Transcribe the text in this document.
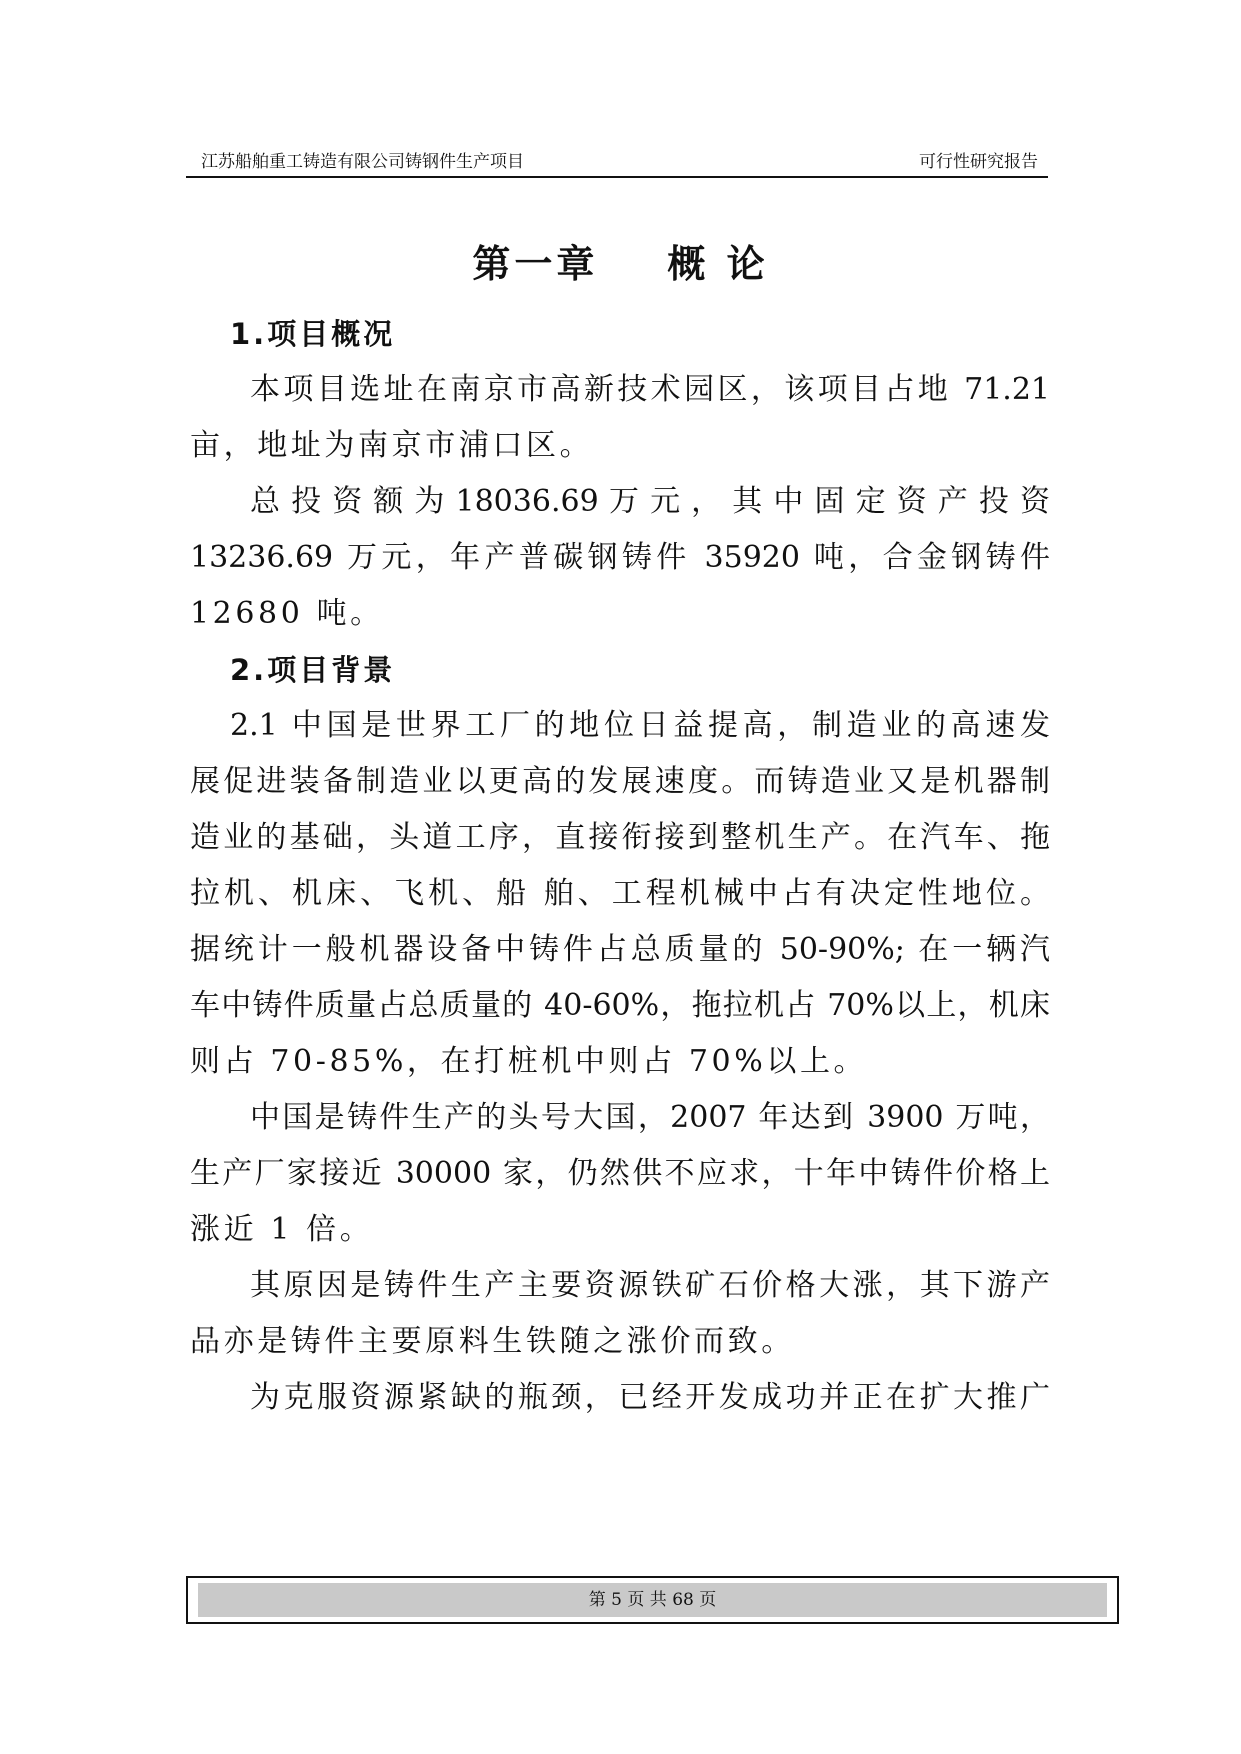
江苏船舶重工铸造有限公司铸钢件生产项目	可行性研究报告
第一章    概 论
1.项目概况
本项目选址在南京市高新技术园区，该项目占地 71.21
亩，地址为南京市浦口区。
总 投 资 额 为 18036.69 万 元 ， 其 中 固 定 资 产 投 资
13236.69 万元，年产普碳钢铸件 35920 吨，合金钢铸件
12680 吨。
2.项目背景
2.1 中国是世界工厂的地位日益提高，制造业的高速发
展促进装备制造业以更高的发展速度。而铸造业又是机器制
造业的基础，头道工序，直接衔接到整机生产。在汽车、拖
拉机、机床、飞机、船 舶、工程机械中占有决定性地位。
据统计一般机器设备中铸件占总质量的 50-90%; 在一辆汽
车中铸件质量占总质量的 40-60%，拖拉机占 70%以上，机床
则占 70-85%，在打桩机中则占 70%以上。
中国是铸件生产的头号大国，2007 年达到 3900 万吨，
生产厂家接近 30000 家，仍然供不应求，十年中铸件价格上
涨近 1 倍。
其原因是铸件生产主要资源铁矿石价格大涨，其下游产
品亦是铸件主要原料生铁随之涨价而致。
为克服资源紧缺的瓶颈，已经开发成功并正在扩大推广
第 5 页 共 68 页
